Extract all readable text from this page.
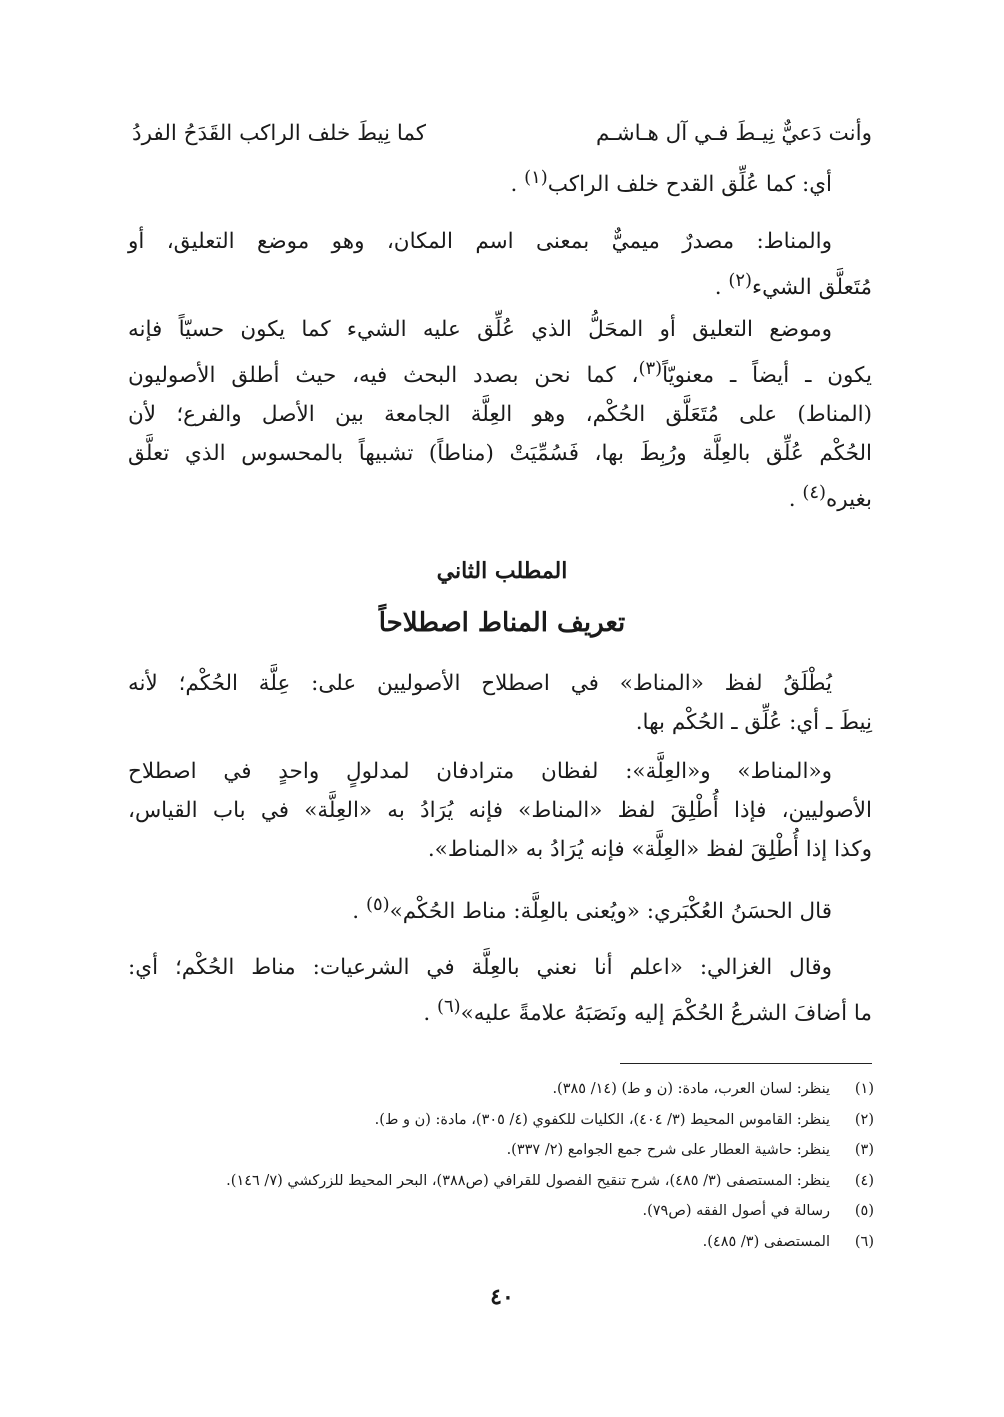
وأنت دَعيٌّ نِيـطَ فـي آل هـاشـم
كما نِيطَ خلف الراكب القَدَحُ الفردُ
أي: كما عُلِّق القدح خلف الراكب$^{(١)}$ .
والمناط: مصدرٌ ميميٌّ بمعنى اسم المكان، وهو موضع التعليق، أو
مُتَعلَّق الشيء$^{(٢)}$ .
وموضع التعليق أو المحَلُّ الذي عُلِّق عليه الشيء كما يكون حسيّاً فإنه
يكون ـ أيضاً ـ معنويّاً$^{(٣)}$، كما نحن بصدد البحث فيه، حيث أطلق الأصوليون
(المناط) على مُتَعَلَّق الحُكْم، وهو العِلَّة الجامعة بين الأصل والفرع؛ لأن
الحُكْم عُلِّق بالعِلَّة ورُبِطَ بها، فَسُمِّيَتْ (مناطاً) تشبيهاً بالمحسوس الذي تعلَّق
بغيره$^{(٤)}$ .
المطلب الثاني
تعريف المناط اصطلاحاً
يُطْلَقُ لفظ «المناط» في اصطلاح الأصوليين على: عِلَّة الحُكْم؛ لأنه
نِيطَ ـ أي: عُلِّق ـ الحُكْم بها.
و«المناط» و«العِلَّة»: لفظان مترادفان لمدلولٍ واحدٍ في اصطلاح
الأصوليين، فإذا أُطْلِقَ لفظ «المناط» فإنه يُرَادُ به «العِلَّة» في باب القياس،
وكذا إذا أُطْلِقَ لفظ «العِلَّة» فإنه يُرَادُ به «المناط».
قال الحسَنُ العُكْبَري: «ويُعنى بالعِلَّة: مناط الحُكْم»$^{(٥)}$ .
وقال الغزالي: «اعلم أنا نعني بالعِلَّة في الشرعيات: مناط الحُكْم؛ أي:
ما أضافَ الشرعُ الحُكْمَ إليه ونَصَبَهُ علامةً عليه»$^{(٦)}$ .
(١)
ينظر: لسان العرب، مادة: (ن و ط) (١٤/ ٣٨٥).
(٢)
ينظر: القاموس المحيط (٣/ ٤٠٤)، الكليات للكفوي (٤/ ٣٠٥)، مادة: (ن و ط).
(٣)
ينظر: حاشية العطار على شرح جمع الجوامع (٢/ ٣٣٧).
(٤)
ينظر: المستصفى (٣/ ٤٨٥)، شرح تنقيح الفصول للقرافي (ص٣٨٨)، البحر المحيط للزركشي (٧/ ١٤٦).
(٥)
رسالة في أصول الفقه (ص٧٩).
(٦)
المستصفى (٣/ ٤٨٥).
٤٠
